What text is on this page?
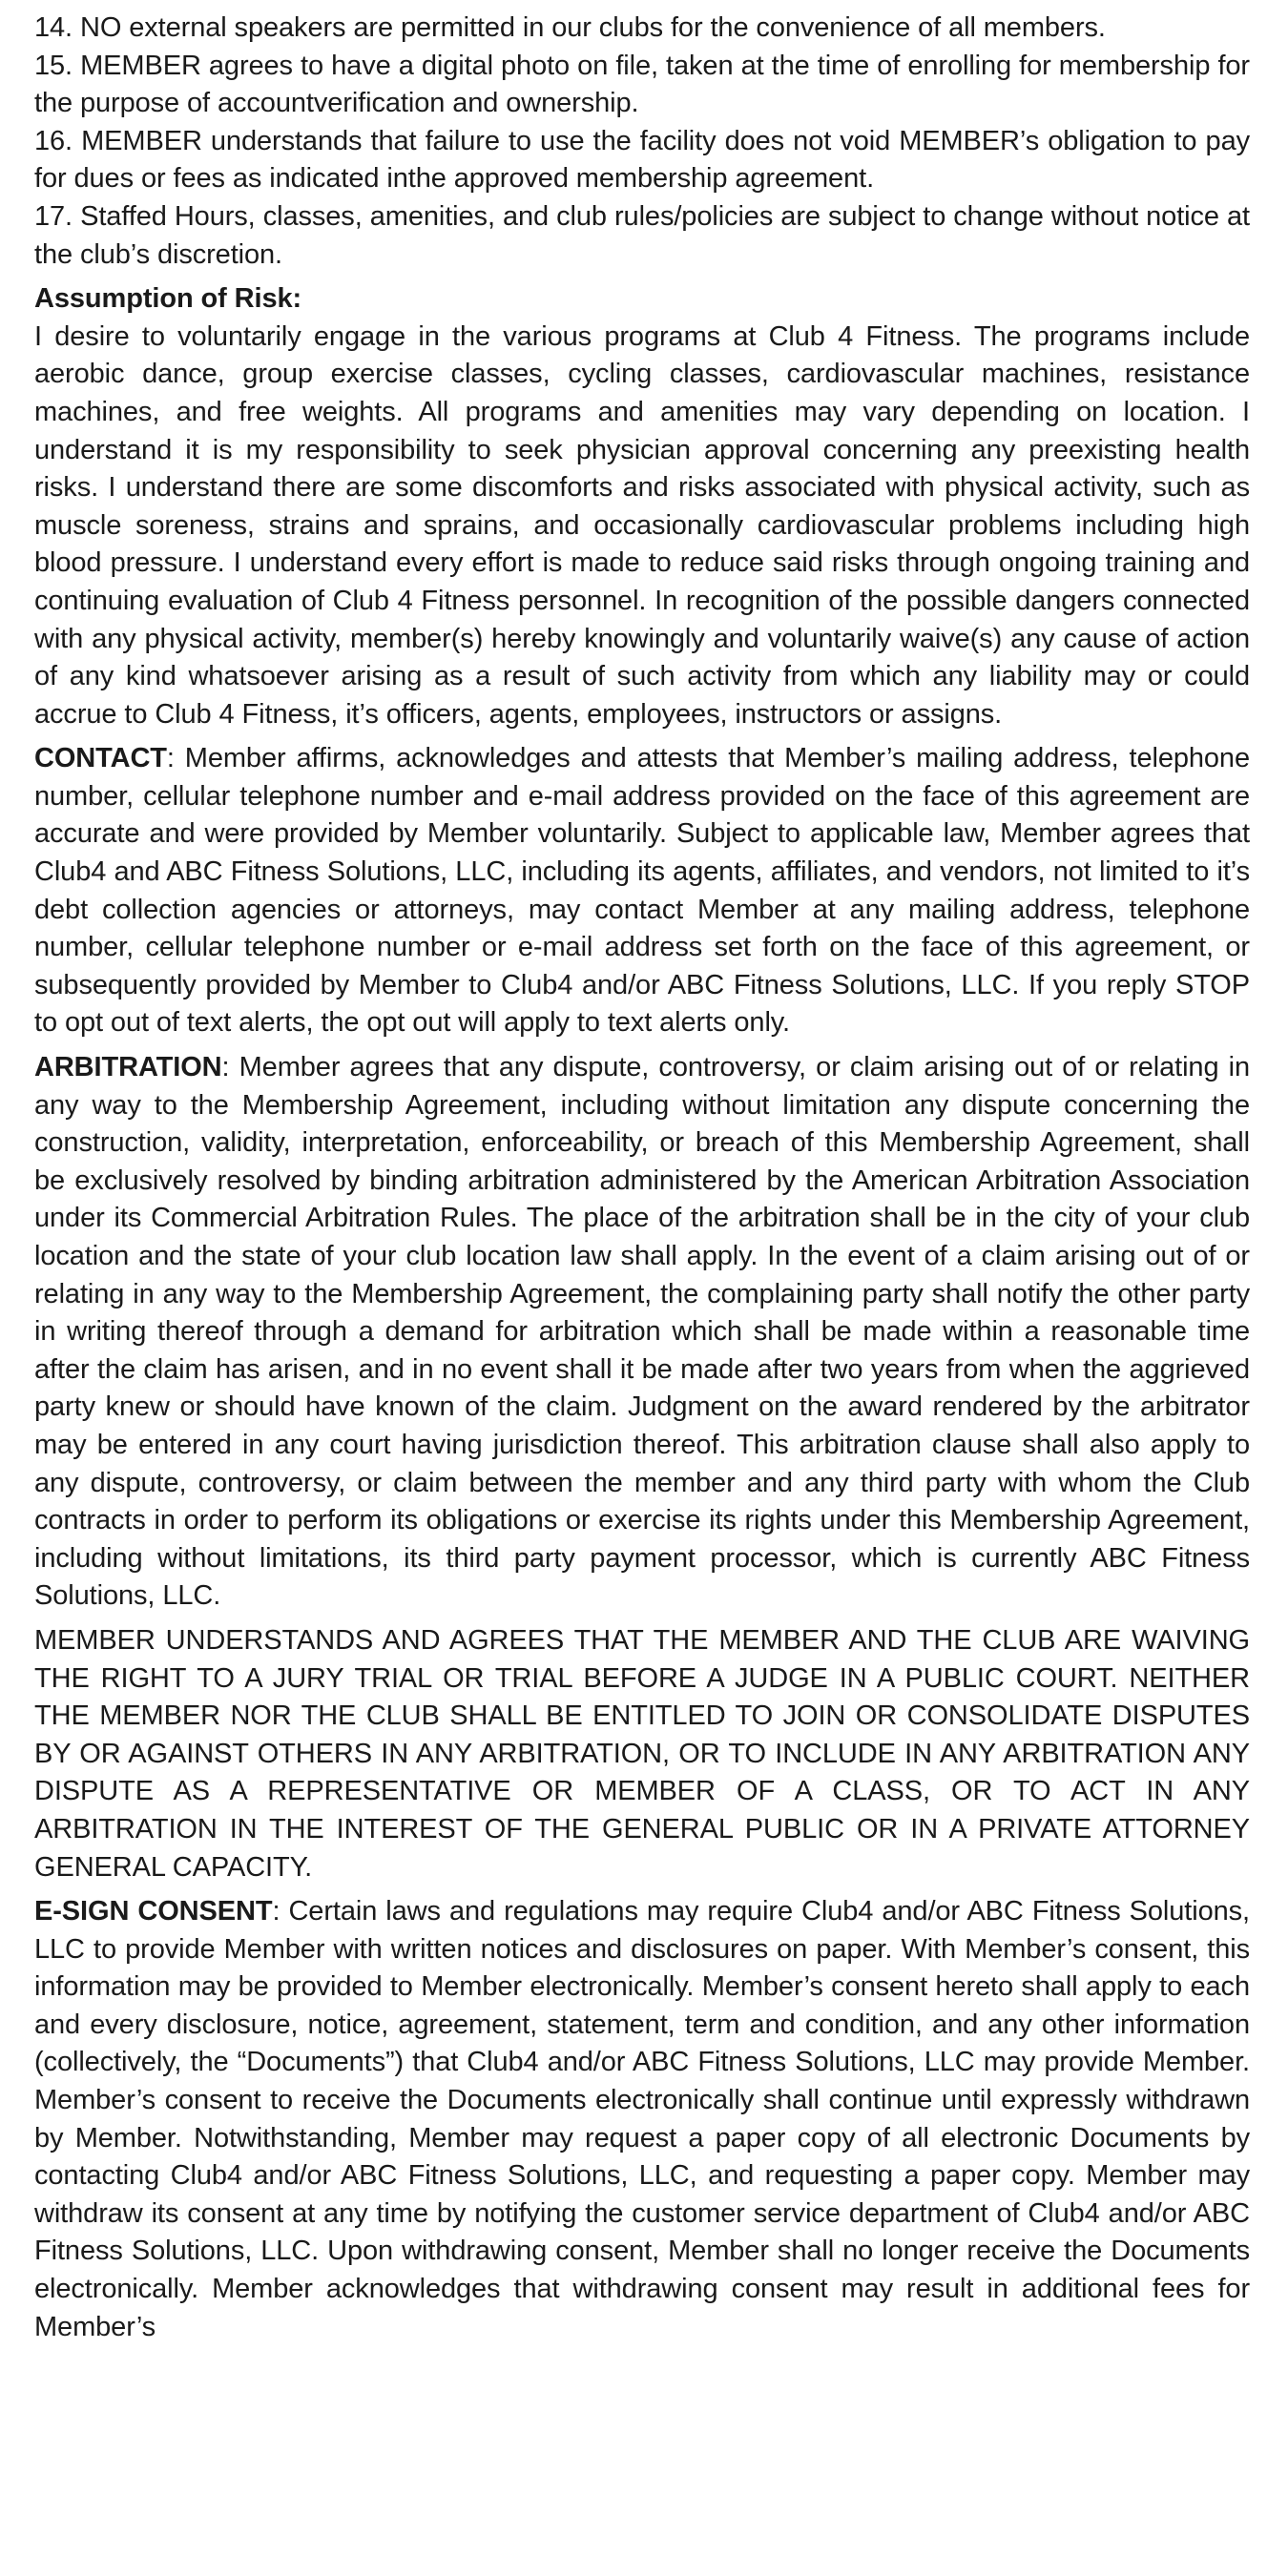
14. NO external speakers are permitted in our clubs for the convenience of all members.

15. MEMBER agrees to have a digital photo on file, taken at the time of enrolling for membership for the purpose of accountverification and ownership.

16. MEMBER understands that failure to use the facility does not void MEMBER’s obligation to pay for dues or fees as indicated inthe approved membership agreement.

17. Staffed Hours, classes, amenities, and club rules/policies are subject to change without notice at the club’s discretion.

Assumption of Risk:

I desire to voluntarily engage in the various programs at Club 4 Fitness. The programs include aerobic dance, group exercise classes, cycling classes, cardiovascular machines, resistance machines, and free weights. All programs and amenities may vary depending on location. I understand it is my responsibility to seek physician approval concerning any preexisting health risks. I understand there are some discomforts and risks associated with physical activity, such as muscle soreness, strains and sprains, and occasionally cardiovascular problems including high blood pressure. I understand every effort is made to reduce said risks through ongoing training and continuing evaluation of Club 4 Fitness personnel. In recognition of the possible dangers connected with any physical activity, member(s) hereby knowingly and voluntarily waive(s) any cause of action of any kind whatsoever arising as a result of such activity from which any liability may or could accrue to Club 4 Fitness, it’s officers, agents, employees, instructors or assigns.

CONTACT: Member affirms, acknowledges and attests that Member’s mailing address, telephone number, cellular telephone number and e-mail address provided on the face of this agreement are accurate and were provided by Member voluntarily. Subject to applicable law, Member agrees that Club4 and ABC Fitness Solutions, LLC, including its agents, affiliates, and vendors, not limited to it’s debt collection agencies or attorneys, may contact Member at any mailing address, telephone number, cellular telephone number or e-mail address set forth on the face of this agreement, or subsequently provided by Member to Club4 and/or ABC Fitness Solutions, LLC. If you reply STOP to opt out of text alerts, the opt out will apply to text alerts only.

ARBITRATION: Member agrees that any dispute, controversy, or claim arising out of or relating in any way to the Membership Agreement, including without limitation any dispute concerning the construction, validity, interpretation, enforceability, or breach of this Membership Agreement, shall be exclusively resolved by binding arbitration administered by the American Arbitration Association under its Commercial Arbitration Rules. The place of the arbitration shall be in the city of your club location and the state of your club location law shall apply. In the event of a claim arising out of or relating in any way to the Membership Agreement, the complaining party shall notify the other party in writing thereof through a demand for arbitration which shall be made within a reasonable time after the claim has arisen, and in no event shall it be made after two years from when the aggrieved party knew or should have known of the claim. Judgment on the award rendered by the arbitrator may be entered in any court having jurisdiction thereof. This arbitration clause shall also apply to any dispute, controversy, or claim between the member and any third party with whom the Club contracts in order to perform its obligations or exercise its rights under this Membership Agreement, including without limitations, its third party payment processor, which is currently ABC Fitness Solutions, LLC.

MEMBER UNDERSTANDS AND AGREES THAT THE MEMBER AND THE CLUB ARE WAIVING THE RIGHT TO A JURY TRIAL OR TRIAL BEFORE A JUDGE IN A PUBLIC COURT. NEITHER THE MEMBER NOR THE CLUB SHALL BE ENTITLED TO JOIN OR CONSOLIDATE DISPUTES BY OR AGAINST OTHERS IN ANY ARBITRATION, OR TO INCLUDE IN ANY ARBITRATION ANY DISPUTE AS A REPRESENTATIVE OR MEMBER OF A CLASS, OR TO ACT IN ANY ARBITRATION IN THE INTEREST OF THE GENERAL PUBLIC OR IN A PRIVATE ATTORNEY GENERAL CAPACITY.

E-SIGN CONSENT: Certain laws and regulations may require Club4 and/or ABC Fitness Solutions, LLC to provide Member with written notices and disclosures on paper. With Member’s consent, this information may be provided to Member electronically. Member’s consent hereto shall apply to each and every disclosure, notice, agreement, statement, term and condition, and any other information (collectively, the “Documents”) that Club4 and/or ABC Fitness Solutions, LLC may provide Member. Member’s consent to receive the Documents electronically shall continue until expressly withdrawn by Member. Notwithstanding, Member may request a paper copy of all electronic Documents by contacting Club4 and/or ABC Fitness Solutions, LLC, and requesting a paper copy. Member may withdraw its consent at any time by notifying the customer service department of Club4 and/or ABC Fitness Solutions, LLC. Upon withdrawing consent, Member shall no longer receive the Documents electronically. Member acknowledges that withdrawing consent may result in additional fees for Member’s
